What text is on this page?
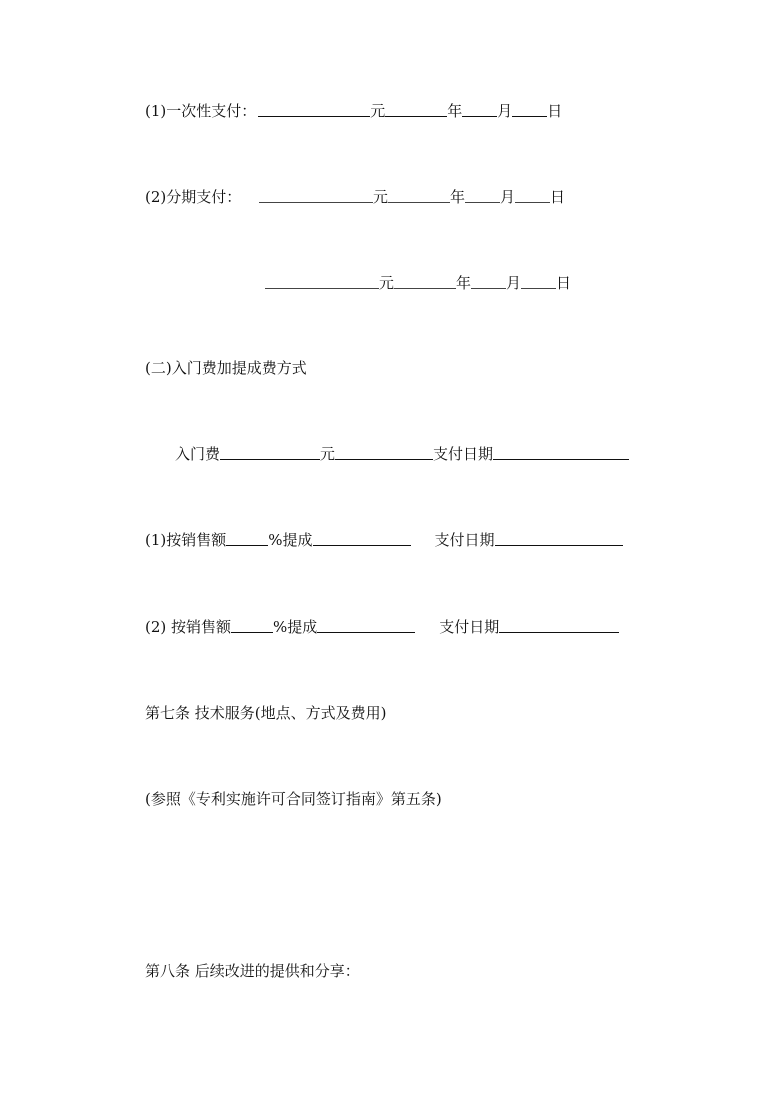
(1)一次性支付：	元	年 月 日
(2)分期支付：	元	年 月 日
元	年 月 日
(二)入门费加提成费方式
入门费	元	支付日期
(1)按销售额	%提成	支付日期
(2) 按销售额	%提成	支付日期
第七条 技术服务(地点、方式及费用)
(参照《专利实施许可合同签订指南》第五条)
第八条 后续改进的提供和分享：
